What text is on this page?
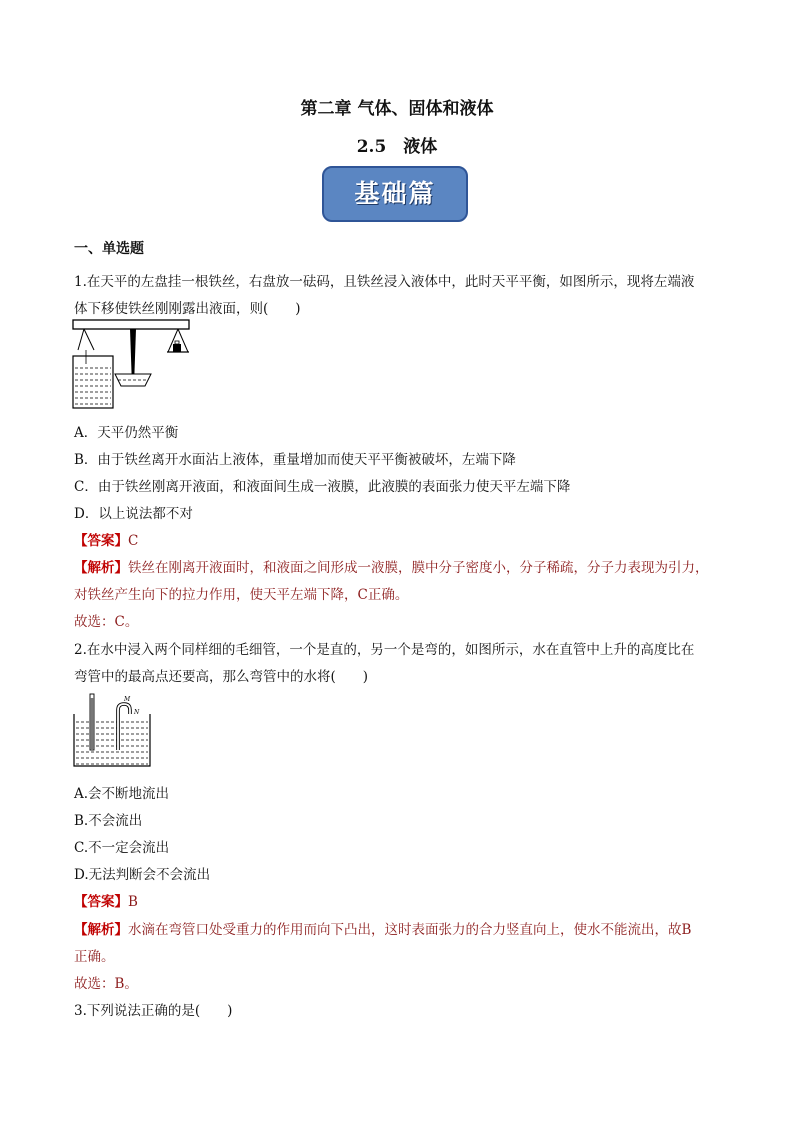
第二章 气体、固体和液体
2.5　液体
基础篇
一、单选题
1.在天平的左盘挂一根铁丝，右盘放一砝码，且铁丝浸入液体中，此时天平平衡，如图所示，现将左端液
体下移使铁丝刚刚露出液面，则(　　)
A．天平仍然平衡
B．由于铁丝离开水面沾上液体，重量增加而使天平平衡被破坏，左端下降
C．由于铁丝刚离开液面，和液面间生成一液膜，此液膜的表面张力使天平左端下降
D．以上说法都不对
【答案】C
【解析】铁丝在刚离开液面时，和液面之间形成一液膜，膜中分子密度小，分子稀疏，分子力表现为引力，
对铁丝产生向下的拉力作用，使天平左端下降，C正确。
故选：C。
2.在水中浸入两个同样细的毛细管，一个是直的，另一个是弯的，如图所示，水在直管中上升的高度比在
弯管中的最高点还要高，那么弯管中的水将(　　)
M
N
A.会不断地流出
B.不会流出
C.不一定会流出
D.无法判断会不会流出
【答案】B
【解析】水滴在弯管口处受重力的作用而向下凸出，这时表面张力的合力竖直向上，使水不能流出，故B
正确。
故选：B。
3.下列说法正确的是(　　)
